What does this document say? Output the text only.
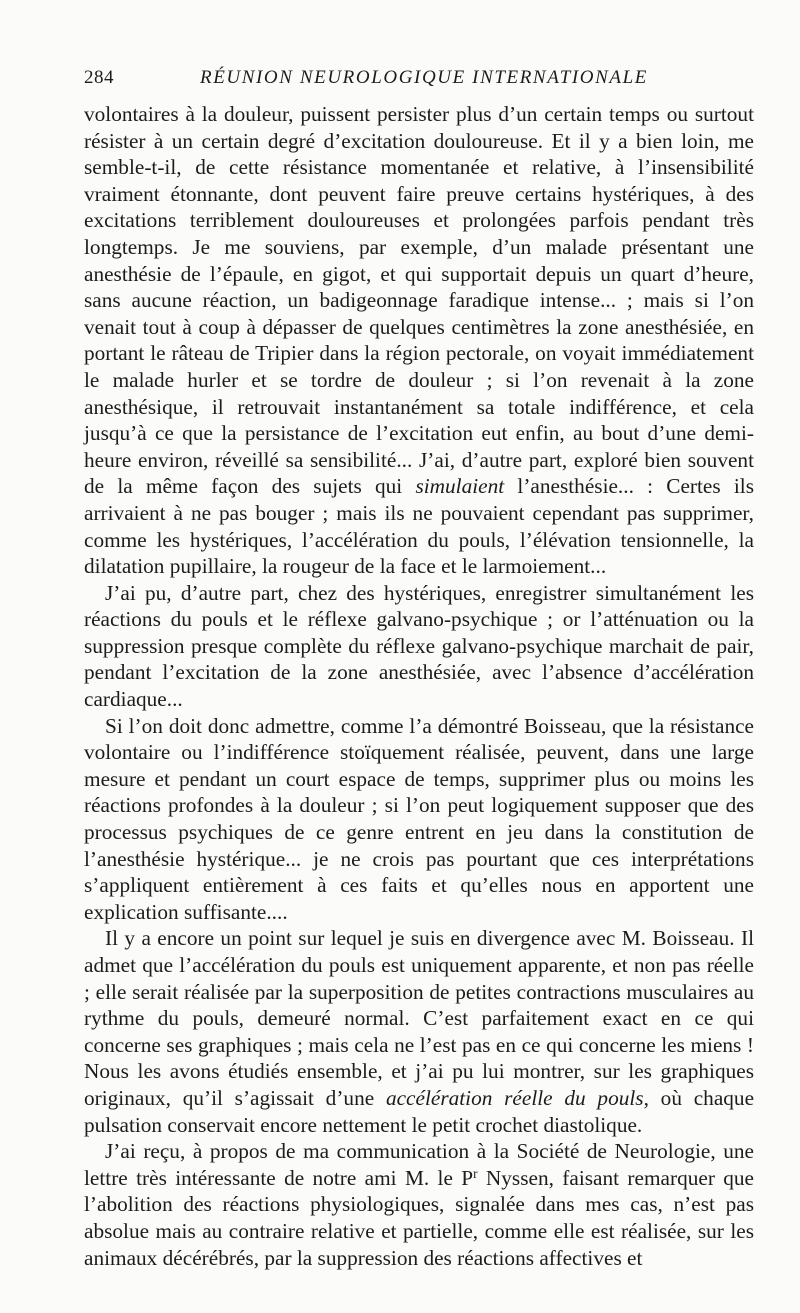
284	RÉUNION NEUROLOGIQUE INTERNATIONALE

volontaires à la douleur, puissent persister plus d’un certain temps ou surtout résister à un certain degré d’excitation douloureuse. Et il y a bien loin, me semble-t-il, de cette résistance momentanée et relative, à l’insensibilité vraiment étonnante, dont peuvent faire preuve certains hystériques, à des excitations terriblement douloureuses et prolongées parfois pendant très longtemps. Je me souviens, par exemple, d’un malade présentant une anesthésie de l’épaule, en gigot, et qui supportait depuis un quart d’heure, sans aucune réaction, un badigeonnage faradique intense... ; mais si l’on venait tout à coup à dépasser de quelques centimètres la zone anesthésiée, en portant le râteau de Tripier dans la région pectorale, on voyait immédiatement le malade hurler et se tordre de douleur ; si l’on revenait à la zone anesthésique, il retrouvait instantanément sa totale indifférence, et cela jusqu’à ce que la persistance de l’excitation eut enfin, au bout d’une demi-heure environ, réveillé sa sensibilité... J’ai, d’autre part, exploré bien souvent de la même façon des sujets qui simulaient l’anesthésie... : Certes ils arrivaient à ne pas bouger ; mais ils ne pouvaient cependant pas supprimer, comme les hystériques, l’accélération du pouls, l’élévation tensionnelle, la dilatation pupillaire, la rougeur de la face et le larmoiement...

J’ai pu, d’autre part, chez des hystériques, enregistrer simultanément les réactions du pouls et le réflexe galvano-psychique ; or l’atténuation ou la suppression presque complète du réflexe galvano-psychique marchait de pair, pendant l’excitation de la zone anesthésiée, avec l’absence d’accélération cardiaque...

Si l’on doit donc admettre, comme l’a démontré Boisseau, que la résistance volontaire ou l’indifférence stoïquement réalisée, peuvent, dans une large mesure et pendant un court espace de temps, supprimer plus ou moins les réactions profondes à la douleur ; si l’on peut logiquement supposer que des processus psychiques de ce genre entrent en jeu dans la constitution de l’anesthésie hystérique... je ne crois pas pourtant que ces interprétations s’appliquent entièrement à ces faits et qu’elles nous en apportent une explication suffisante....

Il y a encore un point sur lequel je suis en divergence avec M. Boisseau. Il admet que l’accélération du pouls est uniquement apparente, et non pas réelle ; elle serait réalisée par la superposition de petites contractions musculaires au rythme du pouls, demeuré normal. C’est parfaitement exact en ce qui concerne ses graphiques ; mais cela ne l’est pas en ce qui concerne les miens ! Nous les avons étudiés ensemble, et j’ai pu lui montrer, sur les graphiques originaux, qu’il s’agissait d’une accélération réelle du pouls, où chaque pulsation conservait encore nettement le petit crochet diastolique.

J’ai reçu, à propos de ma communication à la Société de Neurologie, une lettre très intéressante de notre ami M. le $P^r$ Nyssen, faisant remarquer que l’abolition des réactions physiologiques, signalée dans mes cas, n’est pas absolue mais au contraire relative et partielle, comme elle est réalisée, sur les animaux décérébrés, par la suppression des réactions affectives et
